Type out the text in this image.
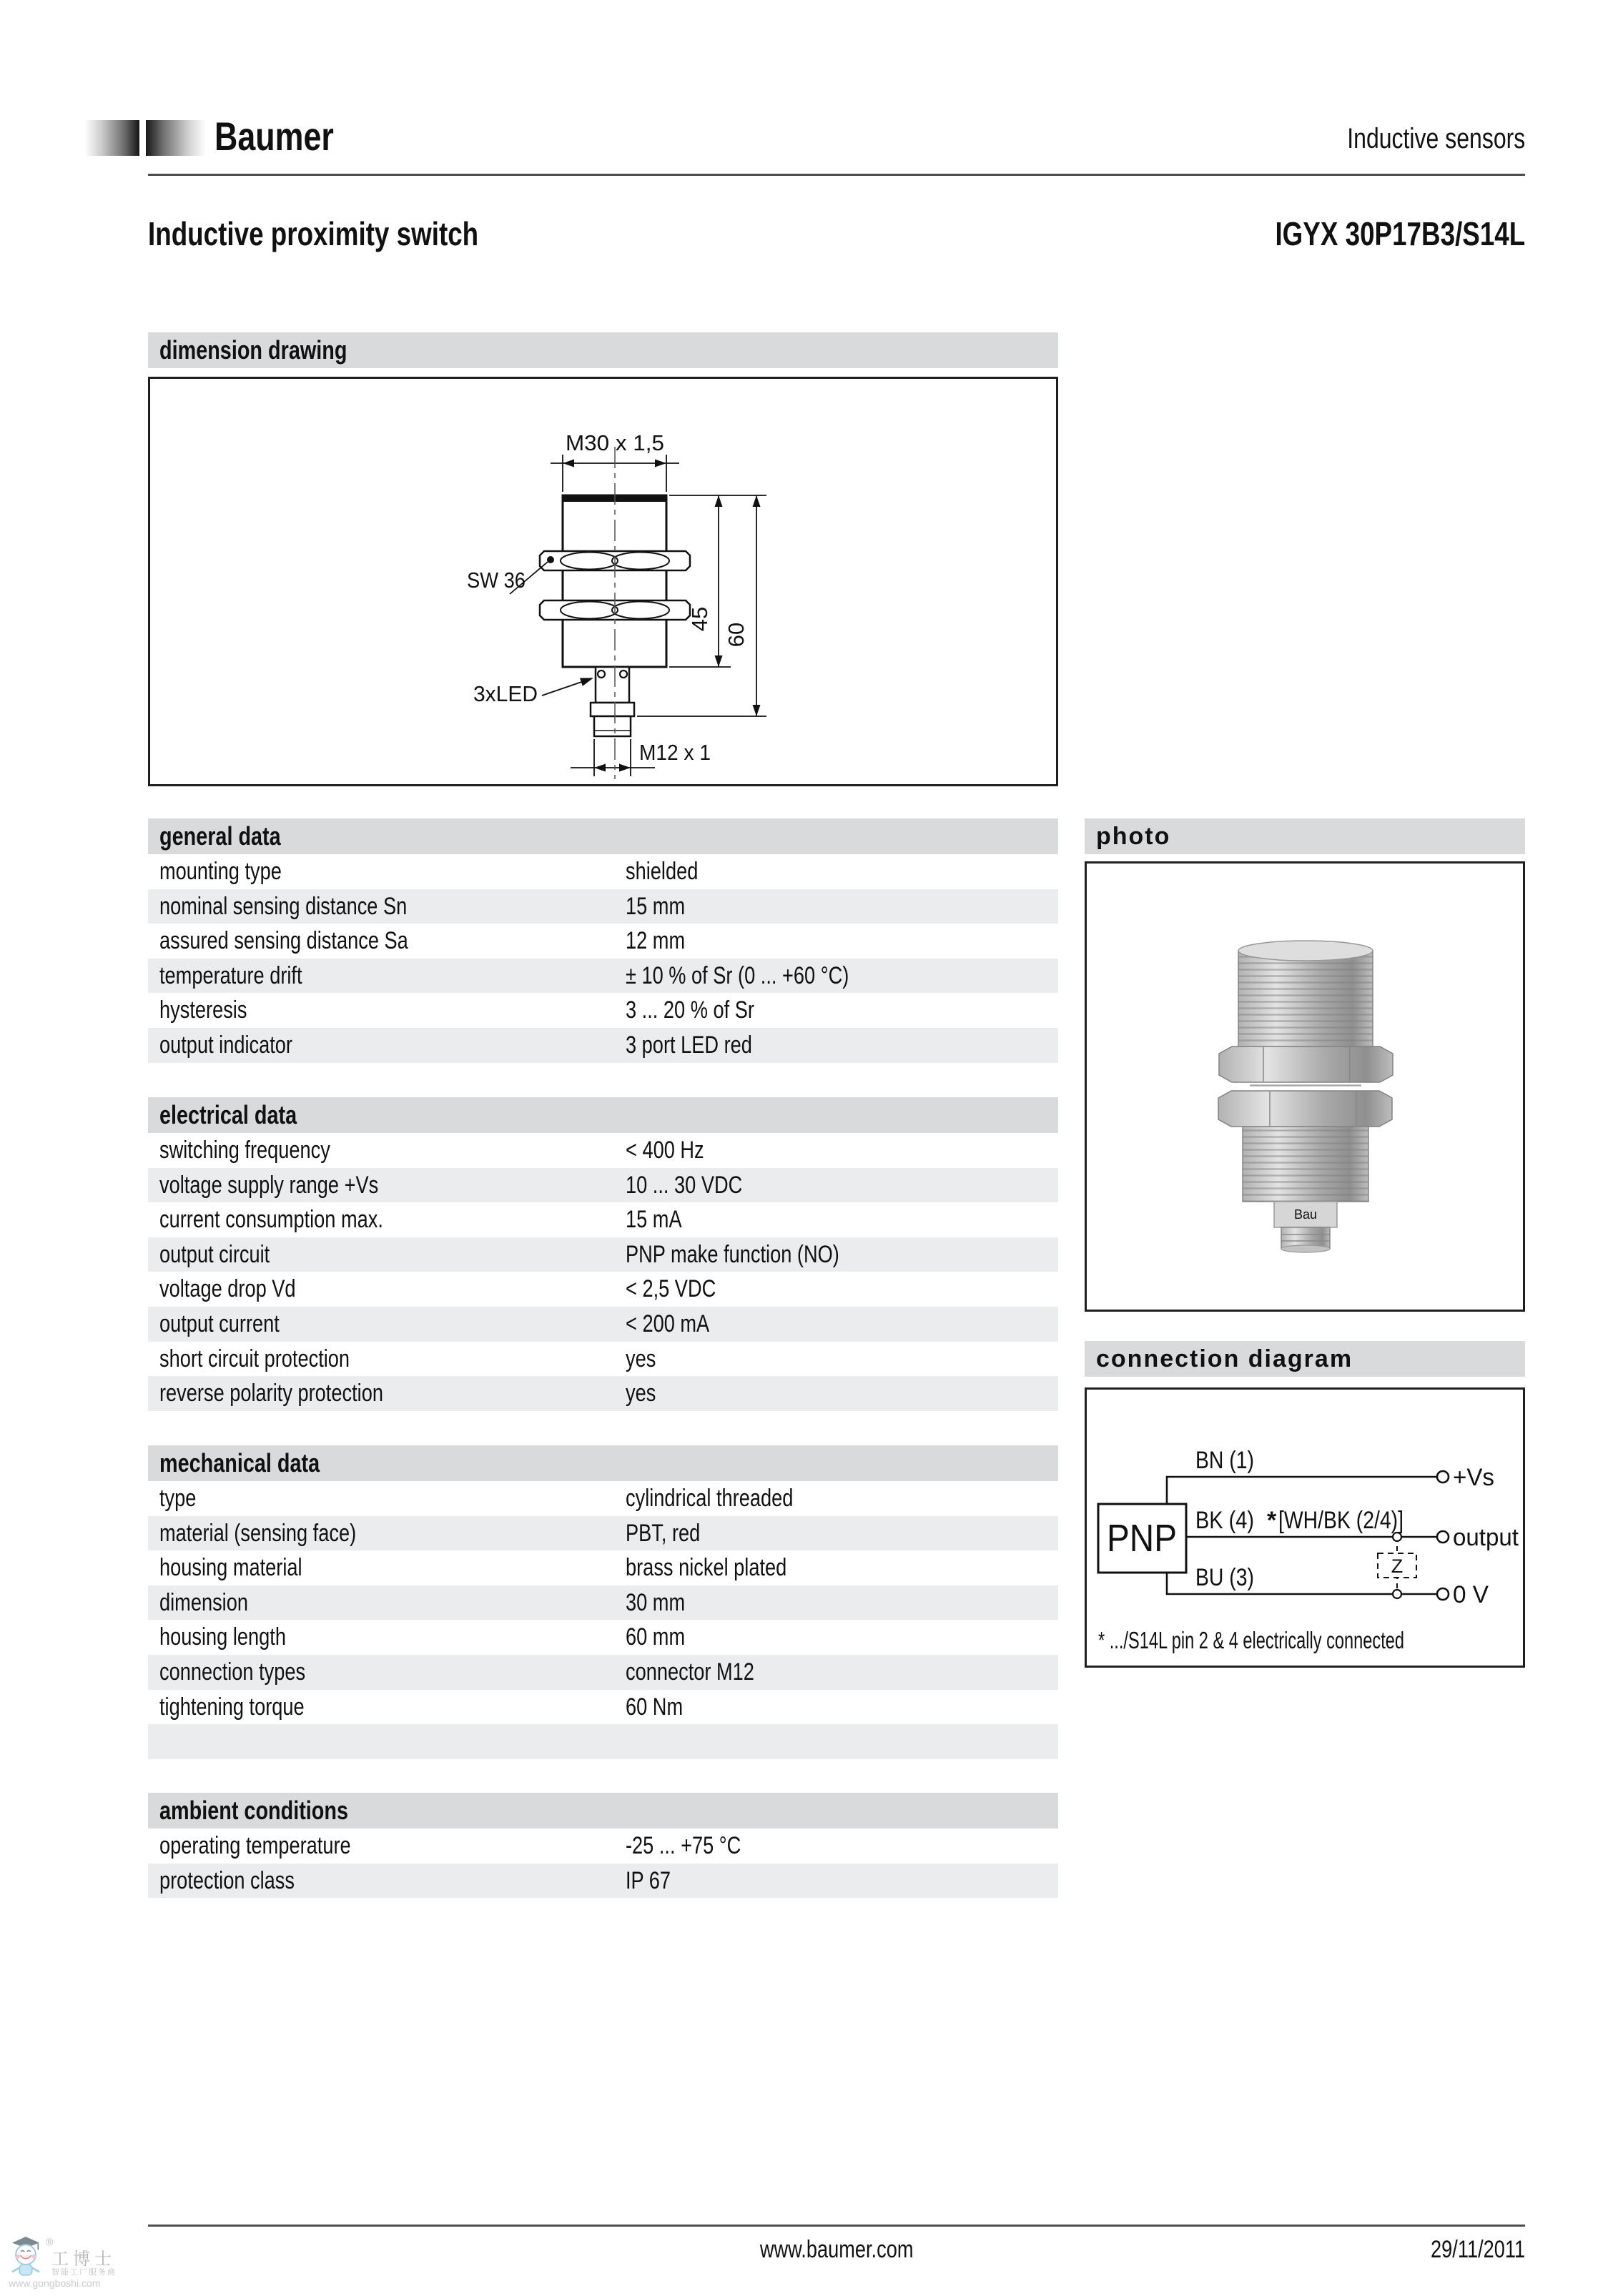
Baumer	Inductive sensors
Inductive proximity switch	IGYX 30P17B3/S14L
dimension drawing
M30 x 1,5
45
60
SW 36
3xLED
M12 x 1
general data
mounting type	shielded
nominal sensing distance Sn	15 mm
assured sensing distance Sa	12 mm
temperature drift	± 10 % of Sr (0 ... +60 °C)
hysteresis	3 ... 20 % of Sr
output indicator	3 port LED red
electrical data
switching frequency	< 400 Hz
voltage supply range +Vs	10 ... 30 VDC
current consumption max.	15 mA
output circuit	PNP make function (NO)
voltage drop Vd	< 2,5 VDC
output current	< 200 mA
short circuit protection	yes
reverse polarity protection	yes
mechanical data
type	cylindrical threaded
material (sensing face)	PBT, red
housing material	brass nickel plated
dimension	30 mm
housing length	60 mm
connection types	connector M12
tightening torque	60 Nm
ambient conditions
operating temperature	-25 ... +75 °C
protection class	IP 67
photo
Bau
connection diagram
PNP
Z
BN (1)
BK (4) * [WH/BK (2/4)]
BU (3)
+Vs
output
0 V
* .../S14L pin 2 & 4 electrically connected
www.baumer.com	29/11/2011
®
工 博 士
智能工厂服务商
www.gongboshi.com
